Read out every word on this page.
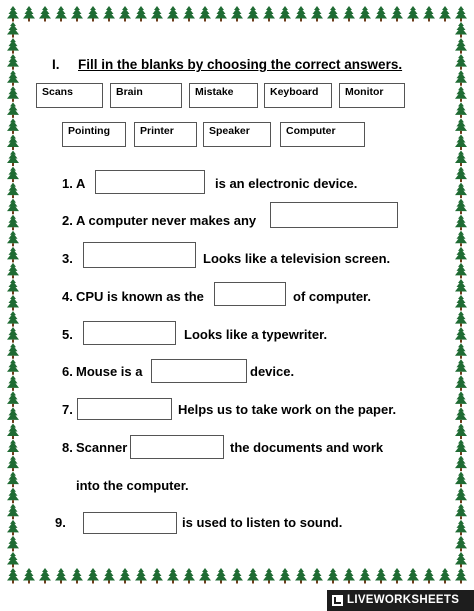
I. Fill in the blanks by choosing the correct answers.
Scans	Brain	Mistake	Keyboard	Monitor
Pointing	Printer	Speaker	Computer
1. A	is an electronic device.
2. A computer never makes any
3.	Looks like a television screen.
4. CPU is known as the	of computer.
5.	Looks like a typewriter.
6. Mouse is a	device.
7.	Helps us to take work on the paper.
8. Scanner	the documents and work
into the computer.
9.	is used to listen to sound.
LIVEWORKSHEETS
